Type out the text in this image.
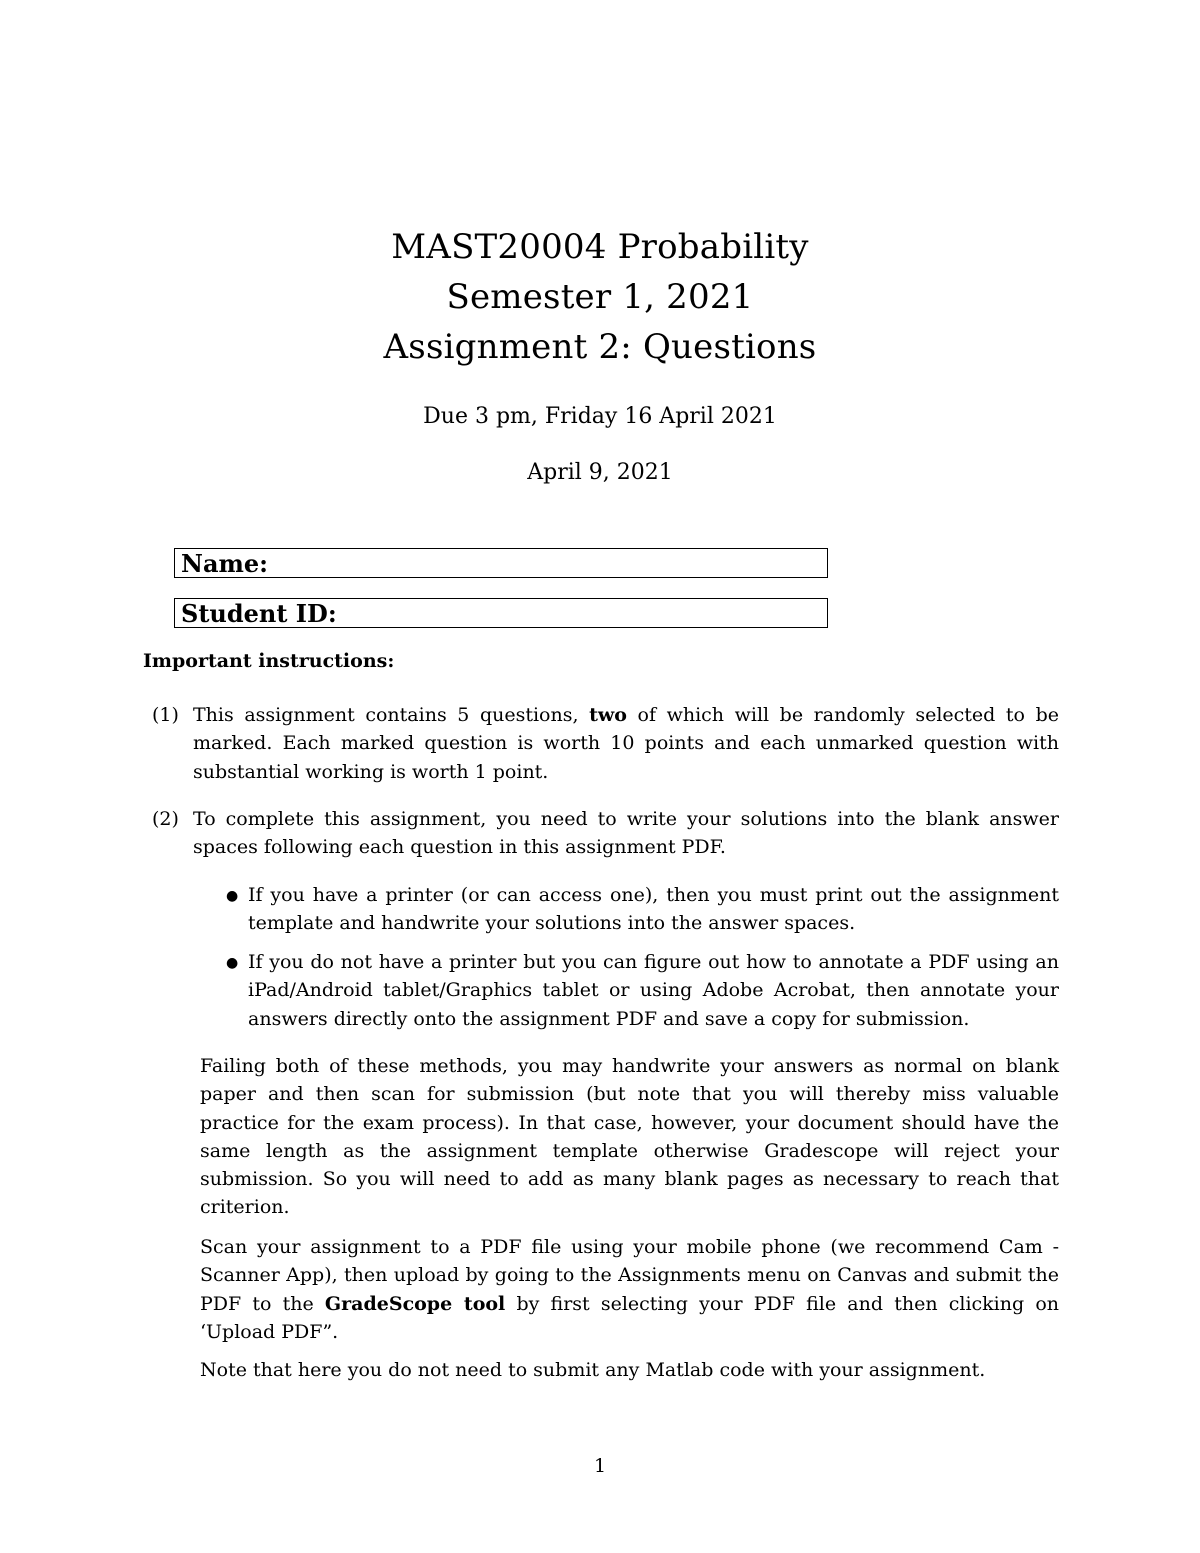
MAST20004 Probability
Semester 1, 2021
Assignment 2: Questions

Due 3 pm, Friday 16 April 2021

April 9, 2021

Name:
Student ID:

Important instructions:

(1) This assignment contains 5 questions, two of which will be randomly selected to be marked. Each marked question is worth 10 points and each unmarked question with substantial working is worth 1 point.

(2) To complete this assignment, you need to write your solutions into the blank answer spaces following each question in this assignment PDF.

● If you have a printer (or can access one), then you must print out the assignment template and handwrite your solutions into the answer spaces.

● If you do not have a printer but you can figure out how to annotate a PDF using an iPad/Android tablet/Graphics tablet or using Adobe Acrobat, then annotate your answers directly onto the assignment PDF and save a copy for submission.

Failing both of these methods, you may handwrite your answers as normal on blank paper and then scan for submission (but note that you will thereby miss valuable practice for the exam process). In that case, however, your document should have the same length as the assignment template otherwise Gradescope will reject your submission. So you will need to add as many blank pages as necessary to reach that criterion.

Scan your assignment to a PDF file using your mobile phone (we recommend Cam - Scanner App), then upload by going to the Assignments menu on Canvas and submit the PDF to the GradeScope tool by first selecting your PDF file and then clicking on ‘Upload PDF”.

Note that here you do not need to submit any Matlab code with your assignment.

1
